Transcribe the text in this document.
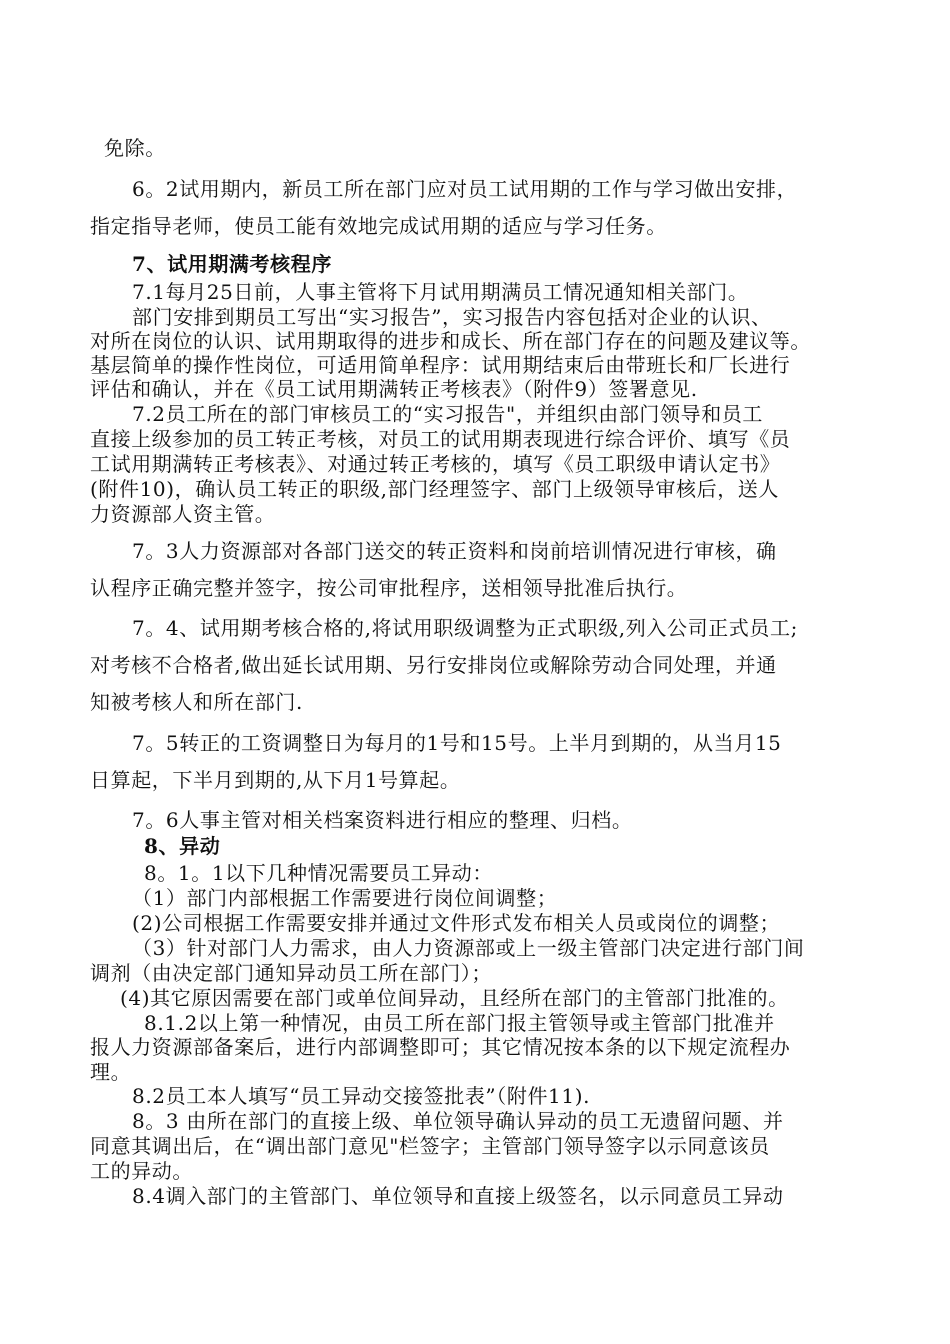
免除。
6。2试用期内，新员工所在部门应对员工试用期的工作与学习做出安排，
指定指导老师，使员工能有效地完成试用期的适应与学习任务。
7、试用期满考核程序
7.1每月25日前，人事主管将下月试用期满员工情况通知相关部门。
部门安排到期员工写出“实习报告”，实习报告内容包括对企业的认识、
对所在岗位的认识、试用期取得的进步和成长、所在部门存在的问题及建议等。
基层简单的操作性岗位，可适用简单程序：试用期结束后由带班长和厂长进行
评估和确认，并在《员工试用期满转正考核表》（附件9）签署意见.
7.2员工所在的部门审核员工的“实习报告"，并组织由部门领导和员工
直接上级参加的员工转正考核，对员工的试用期表现进行综合评价、填写《员
工试用期满转正考核表》、对通过转正考核的，填写《员工职级申请认定书》
(附件10)，确认员工转正的职级,部门经理签字、部门上级领导审核后，送人
力资源部人资主管。
7。3人力资源部对各部门送交的转正资料和岗前培训情况进行审核，确
认程序正确完整并签字，按公司审批程序，送相领导批准后执行。
7。4、试用期考核合格的,将试用职级调整为正式职级,列入公司正式员工;
对考核不合格者,做出延长试用期、另行安排岗位或解除劳动合同处理，并通
知被考核人和所在部门.
7。5转正的工资调整日为每月的1号和15号。上半月到期的，从当月15
日算起，下半月到期的,从下月1号算起。
7。6人事主管对相关档案资料进行相应的整理、归档。
8、异动
8。1。1以下几种情况需要员工异动：
（1）部门内部根据工作需要进行岗位间调整；
(2)公司根据工作需要安排并通过文件形式发布相关人员或岗位的调整；
（3）针对部门人力需求，由人力资源部或上一级主管部门决定进行部门间
调剂（由决定部门通知异动员工所在部门）；
(4)其它原因需要在部门或单位间异动，且经所在部门的主管部门批准的。
8.1.2以上第一种情况，由员工所在部门报主管领导或主管部门批准并
报人力资源部备案后，进行内部调整即可；其它情况按本条的以下规定流程办
理。
8.2员工本人填写“员工异动交接签批表”（附件11).
8。3 由所在部门的直接上级、单位领导确认异动的员工无遗留问题、并
同意其调出后，在“调出部门意见"栏签字；主管部门领导签字以示同意该员
工的异动。
8.4调入部门的主管部门、单位领导和直接上级签名，以示同意员工异动
